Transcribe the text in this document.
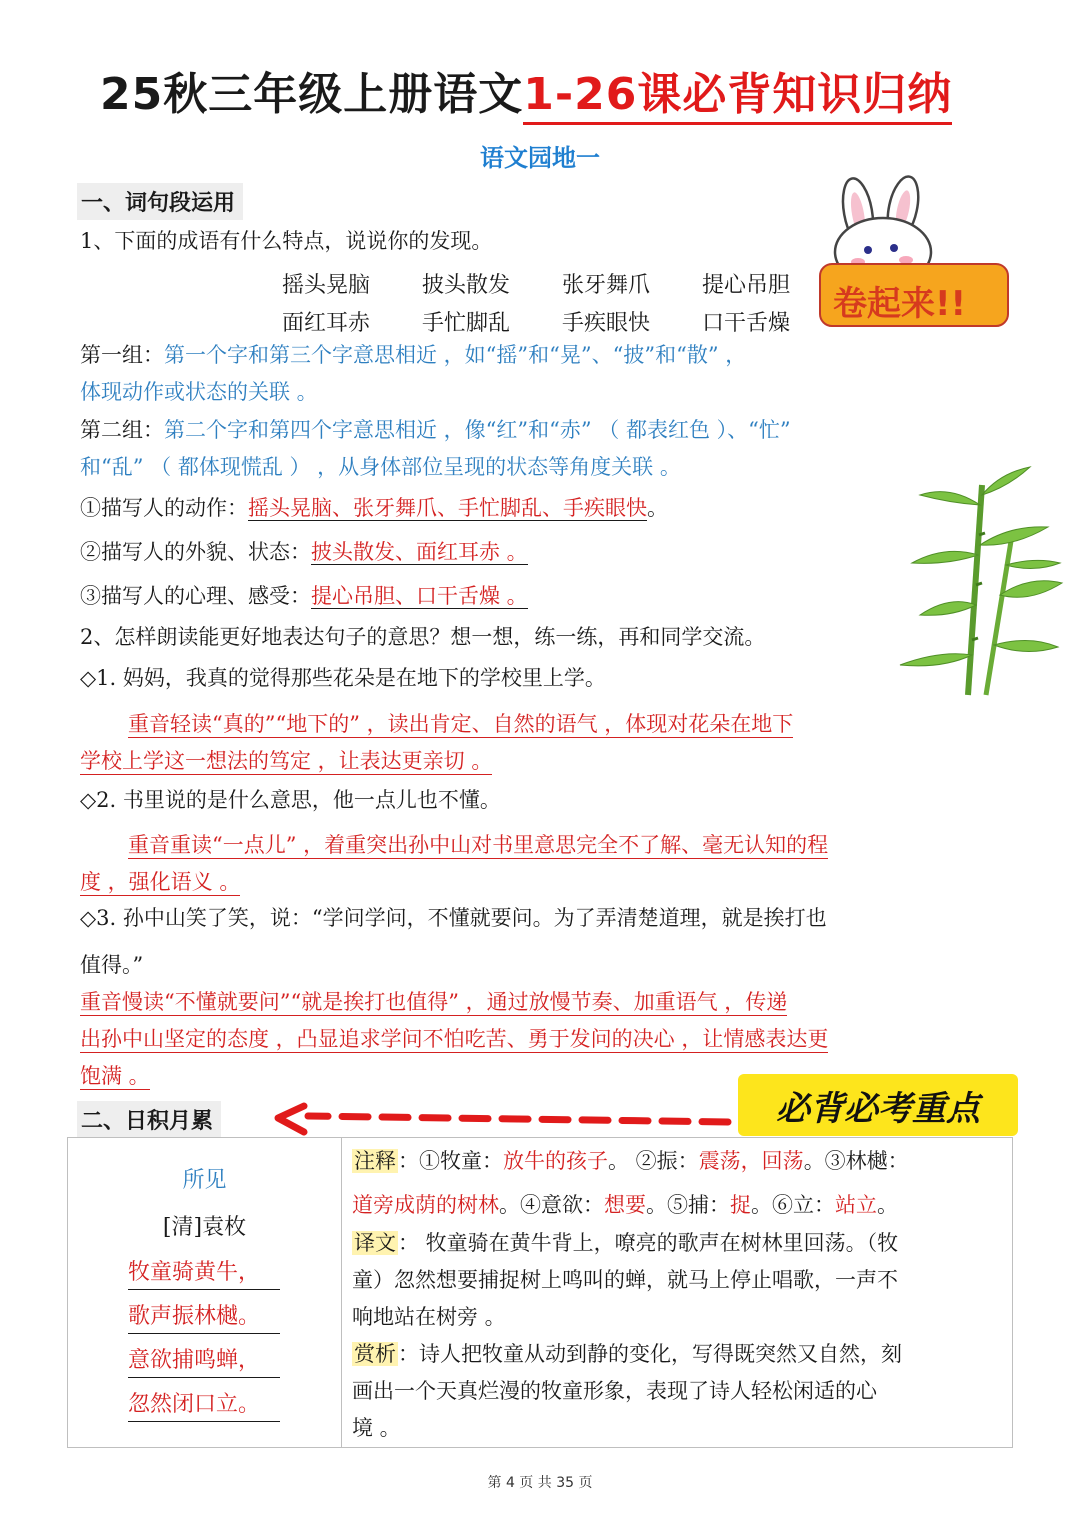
25秋三年级上册语文1-26课必背知识归纳
语文园地一
卷起来!!
一、词句段运用
1、下面的成语有什么特点，说说你的发现。
摇头晃脑 披头散发 张牙舞爪 提心吊胆
面红耳赤 手忙脚乱 手疾眼快 口干舌燥
第一组：第一个字和第三个字意思相近 ，如“摇”和“晃”、“披”和“散” ，
体现动作或状态的关联 。
第二组：第二个字和第四个字意思相近 ，像“红”和“赤” （ 都表红色 ）、“忙”
和“乱” （ 都体现慌乱 ） ，从身体部位呈现的状态等角度关联 。
①描写人的动作：摇头晃脑、张牙舞爪、手忙脚乱、手疾眼快。
②描写人的外貌、状态：披头散发、面红耳赤 。
③描写人的心理、感受：提心吊胆、口干舌燥 。
2、怎样朗读能更好地表达句子的意思？想一想，练一练，再和同学交流。
◇1. 妈妈，我真的觉得那些花朵是在地下的学校里上学。
重音轻读“真的”“地下的” ，读出肯定、自然的语气 ，体现对花朵在地下
学校上学这一想法的笃定 ，让表达更亲切 。
◇2. 书里说的是什么意思，他一点儿也不懂。
重音重读“一点儿” ，着重突出孙中山对书里意思完全不了解、毫无认知的程
度 ，强化语义 。
◇3. 孙中山笑了笑，说：“学问学问，不懂就要问。为了弄清楚道理，就是挨打也
值得。”
重音慢读“不懂就要问”“就是挨打也值得” ，通过放慢节奏、加重语气 ，传递
出孙中山坚定的态度 ，凸显追求学问不怕吃苦、勇于发问的决心 ，让情感表达更
饱满 。
二、日积月累	必背必考重点
所见
[清]袁枚
牧童骑黄牛，
歌声振林樾。
意欲捕鸣蝉，
忽然闭口立。
注释：①牧童：放牛的孩子。 ②振：震荡，回荡。③林樾：
道旁成荫的树林。④意欲：想要。⑤捕：捉。⑥立：站立。
译文： 牧童骑在黄牛背上，嘹亮的歌声在树林里回荡。（牧
童）忽然想要捕捉树上鸣叫的蝉，就马上停止唱歌，一声不
响地站在树旁 。
赏析：诗人把牧童从动到静的变化，写得既突然又自然，刻
画出一个天真烂漫的牧童形象，表现了诗人轻松闲适的心
境 。
第 4 页 共 35 页
